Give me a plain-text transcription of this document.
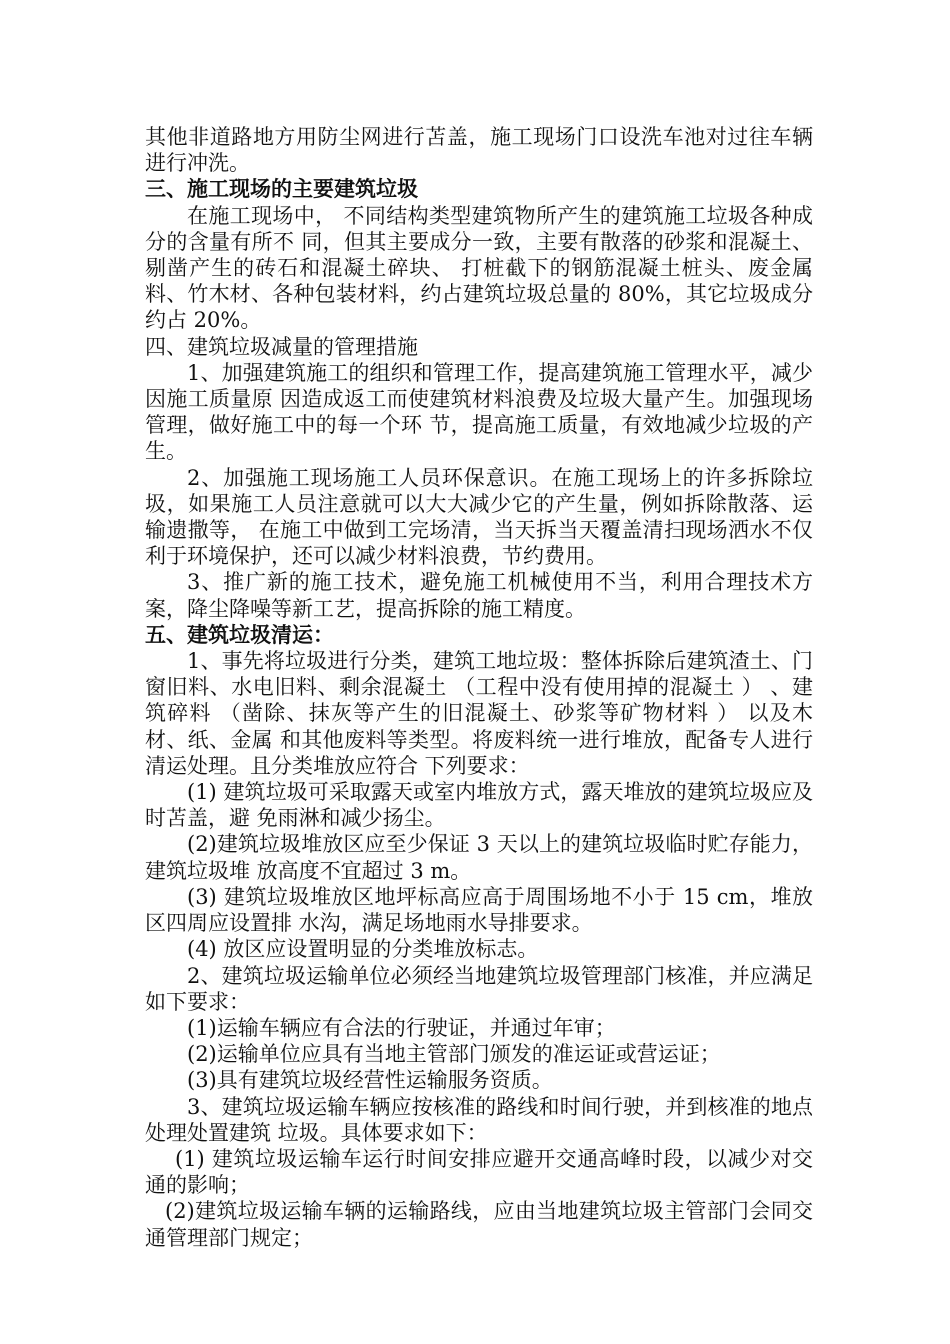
其他非道路地方用防尘网进行苫盖，施工现场门口设洗车池对过往车辆进行冲洗。

三、施工现场的主要建筑垃圾

在施工现场中， 不同结构类型建筑物所产生的建筑施工垃圾各种成分的含量有所不 同，但其主要成分一致，主要有散落的砂浆和混凝土、剔凿产生的砖石和混凝土碎块、 打桩截下的钢筋混凝土桩头、废金属料、竹木材、各种包装材料，约占建筑垃圾总量的 80%，其它垃圾成分约占 20%。

四、建筑垃圾减量的管理措施

1、加强建筑施工的组织和管理工作，提高建筑施工管理水平，减少因施工质量原 因造成返工而使建筑材料浪费及垃圾大量产生。加强现场管理，做好施工中的每一个环 节，提高施工质量，有效地减少垃圾的产生。

2、加强施工现场施工人员环保意识。在施工现场上的许多拆除垃圾，如果施工人员注意就可以大大减少它的产生量，例如拆除散落、运输遗撒等， 在施工中做到工完场清，当天拆当天覆盖清扫现场洒水不仅利于环境保护，还可以减少材料浪费，节约费用。

3、推广新的施工技术，避免施工机械使用不当，利用合理技术方案，降尘降噪等新工艺，提高拆除的施工精度。

五、建筑垃圾清运：

1、事先将垃圾进行分类，建筑工地垃圾：整体拆除后建筑渣土、门窗旧料、水电旧料、剩余混凝土 （工程中没有使用掉的混凝土 ） 、建筑碎料 （凿除、抹灰等产生的旧混凝土、砂浆等矿物材料 ） 以及木材、纸、金属 和其他废料等类型。将废料统一进行堆放，配备专人进行清运处理。且分类堆放应符合 下列要求：

(1) 建筑垃圾可采取露天或室内堆放方式，露天堆放的建筑垃圾应及时苫盖，避 免雨淋和减少扬尘。

(2)建筑垃圾堆放区应至少保证 3 天以上的建筑垃圾临时贮存能力，建筑垃圾堆 放高度不宜超过 3 m。

(3) 建筑垃圾堆放区地坪标高应高于周围场地不小于 15 cm，堆放区四周应设置排 水沟，满足场地雨水导排要求。

(4) 放区应设置明显的分类堆放标志。

2、建筑垃圾运输单位必须经当地建筑垃圾管理部门核准，并应满足如下要求：

(1)运输车辆应有合法的行驶证，并通过年审；

(2)运输单位应具有当地主管部门颁发的准运证或营运证；

(3)具有建筑垃圾经营性运输服务资质。

3、建筑垃圾运输车辆应按核准的路线和时间行驶，并到核准的地点处理处置建筑 垃圾。具体要求如下：

(1) 建筑垃圾运输车运行时间安排应避开交通高峰时段，以减少对交通的影响；

(2)建筑垃圾运输车辆的运输路线，应由当地建筑垃圾主管部门会同交通管理部门规定；
